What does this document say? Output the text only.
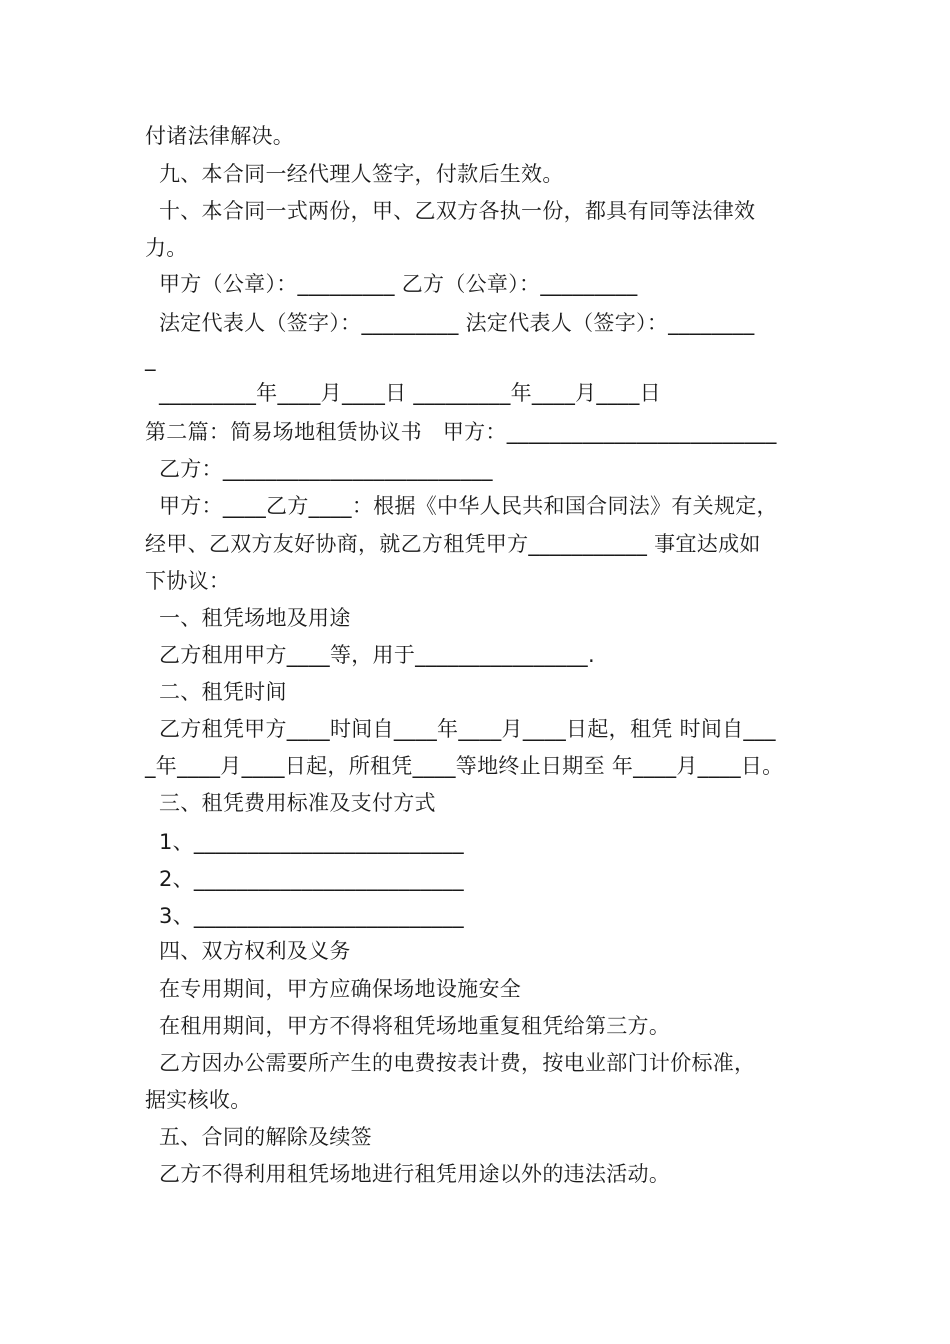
付诸法律解决。
九、本合同一经代理人签字，付款后生效。
十、本合同一式两份，甲、乙双方各执一份，都具有同等法律效
力。
甲方（公章）：_________ 乙方（公章）：_________
法定代表人（签字）：_________ 法定代表人（签字）：________
_
_________年____月____日 _________年____月____日
第二篇：简易场地租赁协议书   甲方：_________________________
乙方：_________________________
甲方：____乙方____：根据《中华人民共和国合同法》有关规定，
经甲、乙双方友好协商，就乙方租凭甲方___________ 事宜达成如
下协议：
一、租凭场地及用途
乙方租用甲方____等，用于________________.
二、租凭时间
乙方租凭甲方____时间自____年____月____日起，租凭 时间自___
_年____月____日起，所租凭____等地终止日期至 年____月____日。
三、租凭费用标准及支付方式
1、_________________________
2、_________________________
3、_________________________
四、双方权利及义务
在专用期间，甲方应确保场地设施安全
在租用期间，甲方不得将租凭场地重复租凭给第三方。
乙方因办公需要所产生的电费按表计费，按电业部门计价标准，
据实核收。
五、合同的解除及续签
乙方不得利用租凭场地进行租凭用途以外的违法活动。
